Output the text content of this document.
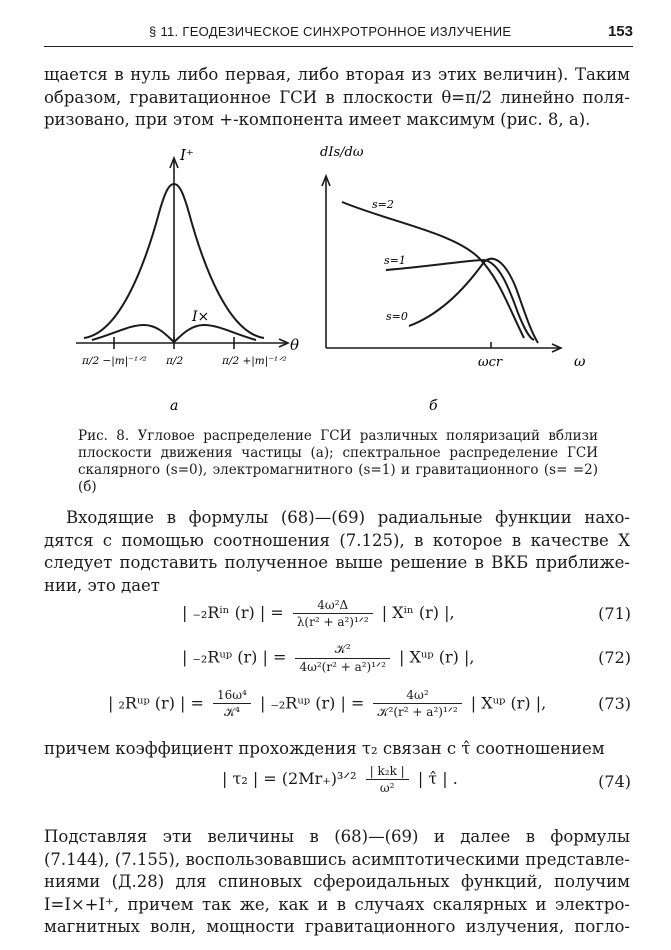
§ 11. ГЕОДЕЗИЧЕСКОЕ СИНХРОТРОННОЕ ИЗЛУЧЕНИЕ	153
щается в нуль либо первая, либо вторая из этих величин). Таким
образом, гравитационное ГСИ в плоскости θ=π/2 линейно поля-
ризовано, при этом +-компонента имеет максимум (рис. 8, а).
I⁺
θ
I×
π/2 −|m|⁻¹ᐟ² π/2	π/2 +|m|⁻¹ᐟ²
а
dIs/dω
s=2
s=1
s=0
ωcr	ω
б
Рис. 8. Угловое распределение ГСИ различных поляризаций вблизи плоскости движения частицы (а); спектральное распределение ГСИ скалярного (s=0), электромагнитного (s=1) и гравитационного (s= =2) (б)
Входящие в формулы (68)—(69) радиальные функции нахо-
дятся с помощью соотношения (7.125), в которое в качестве X
следует подставить полученное выше решение в ВКБ приближе-
нии, это дает
| ₋₂Rⁱⁿ (r) | = $\frac{\text{4ω²Δ}}{\text{λ(r² + a²)¹ᐟ²}}$ | Xⁱⁿ (r) |,	(71)
| ₋₂Rᵘᵖ (r) | = $\frac{\text{𝒦²}}{\text{4ω²(r² + a²)¹ᐟ²}}$ | Xᵘᵖ (r) |,	(72)
| ₂Rᵘᵖ (r) | = $\frac{\text{16ω⁴}}{\text{𝒦⁴}}$ | ₋₂Rᵘᵖ (r) | = $\frac{\text{4ω²}}{\text{𝒦²(r² + a²)¹ᐟ²}}$ | Xᵘᵖ (r) |,	(73)
причем коэффициент прохождения τ₂ связан с τ̂ соотношением
| τ₂ | = (2Mr₊)³ᐟ² $\frac{\text{| k₂k |}}{\text{ω²}}$ | τ̂ | .	(74)
Подставляя эти величины в (68)—(69) и далее в формулы
(7.144), (7.155), воспользовавшись асимптотическими представле-
ниями (Д.28) для спиновых сфероидальных функций, получим
I=I×+I⁺, причем так же, как и в случаях скалярных и электро-
магнитных волн, мощности гравитационного излучения, погло-
